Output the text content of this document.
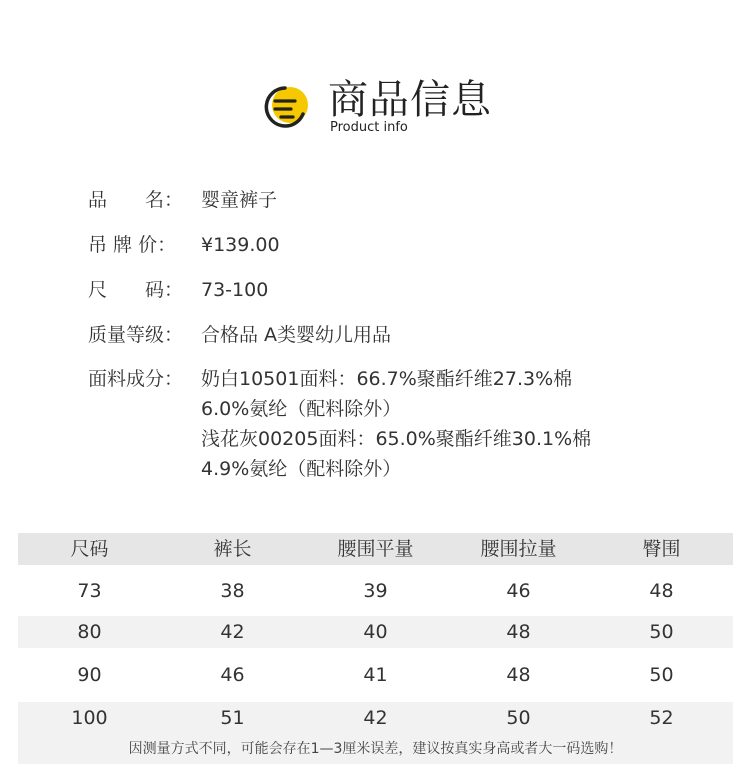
商品信息
Product info
品　　名： 婴童裤子
吊 牌 价：	¥139.00
尺　　码： 73-100
质量等级： 合格品 A类婴幼儿用品
面料成分： 奶白10501面料：66.7%聚酯纤维27.3%棉
6.0%氨纶（配料除外）
浅花灰00205面料：65.0%聚酯纤维30.1%棉
4.9%氨纶（配料除外）
尺码	裤长	腰围平量	腰围拉量	臀围
73	38	39	46	48
80	42	40	48	50
90	46	41	48	50
100	51	42	50	52
因测量方式不同，可能会存在1—3厘米误差，建议按真实身高或者大一码选购！
